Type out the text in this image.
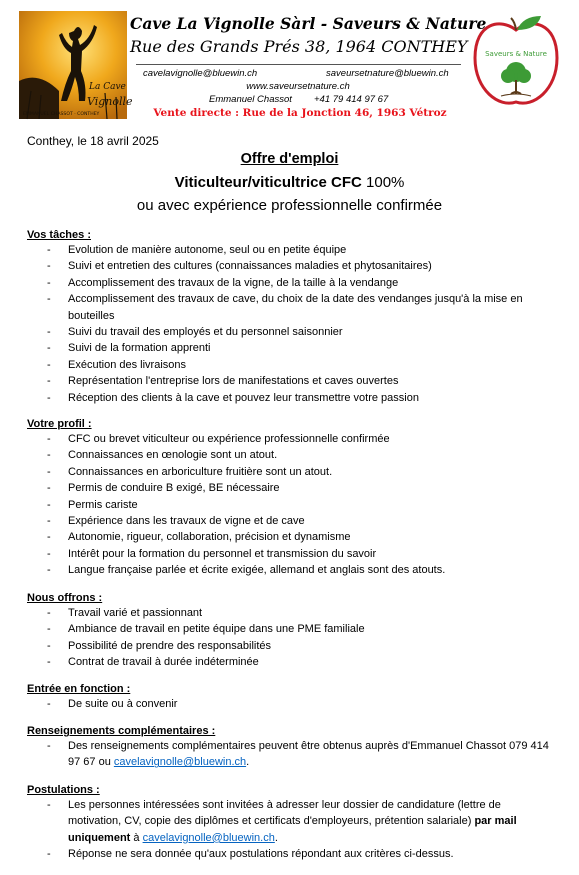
La Cave
Vignolle
EMMANUEL CHASSOT · CONTHEY
Cave La Vignolle Sàrl - Saveurs & Nature
Rue des Grands Prés 38, 1964 CONTHEY
cavelavignolle@bluewin.ch	saveursetnature@bluewin.ch
www.saveursetnature.ch
Emmanuel Chassot +41 79 414 97 67
Vente directe : Rue de la Jonction 46, 1963 Vétroz
Saveurs & Nature
Conthey, le 18 avril 2025
Offre d'emploi
Viticulteur/viticultrice CFC 100%
ou avec expérience professionnelle confirmée
Vos tâches :
- Evolution de manière autonome, seul ou en petite équipe
- Suivi et entretien des cultures (connaissances maladies et phytosanitaires)
- Accomplissement des travaux de la vigne, de la taille à la vendange
- Accomplissement des travaux de cave, du choix de la date des vendanges jusqu'à la mise en bouteilles
- Suivi du travail des employés et du personnel saisonnier
- Suivi de la formation apprenti
- Exécution des livraisons
- Représentation l'entreprise lors de manifestations et caves ouvertes
- Réception des clients à la cave et pouvez leur transmettre votre passion
Votre profil :
- CFC ou brevet viticulteur ou expérience professionnelle confirmée
- Connaissances en œnologie sont un atout.
- Connaissances en arboriculture fruitière sont un atout.
- Permis de conduire B exigé, BE nécessaire
- Permis cariste
- Expérience dans les travaux de vigne et de cave
- Autonomie, rigueur, collaboration, précision et dynamisme
- Intérêt pour la formation du personnel et transmission du savoir
- Langue française parlée et écrite exigée, allemand et anglais sont des atouts.
Nous offrons :
- Travail varié et passionnant
- Ambiance de travail en petite équipe dans une PME familiale
- Possibilité de prendre des responsabilités
- Contrat de travail à durée indéterminée
Entrée en fonction :
- De suite ou à convenir
Renseignements complémentaires :
- Des renseignements complémentaires peuvent être obtenus auprès d'Emmanuel Chassot 079 414 97 67 ou cavelavignolle@bluewin.ch.
Postulations :
- Les personnes intéressées sont invitées à adresser leur dossier de candidature (lettre de motivation, CV, copie des diplômes et certificats d'employeurs, prétention salariale) par mail uniquement à cavelavignolle@bluewin.ch.
- Réponse ne sera donnée qu'aux postulations répondant aux critères ci-dessus.
